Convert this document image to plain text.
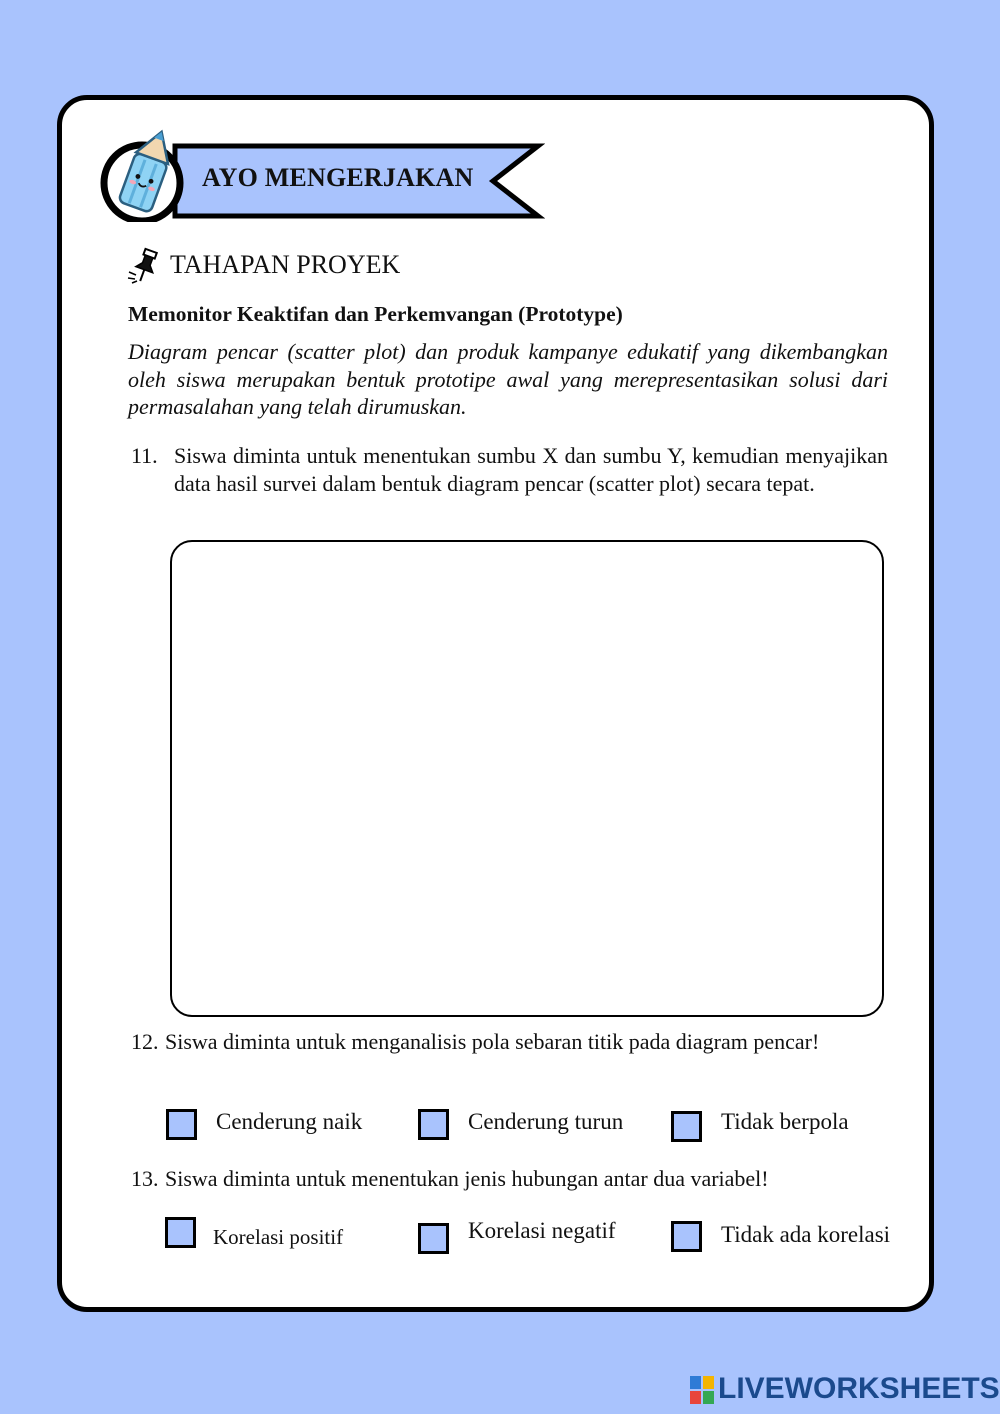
AYO MENGERJAKAN
TAHAPAN PROYEK
Memonitor Keaktifan dan Perkemvangan (Prototype)

Diagram pencar (scatter plot) dan produk kampanye edukatif yang dikembangkan oleh siswa merupakan bentuk prototipe awal yang merepresentasikan solusi dari permasalahan yang telah dirumuskan.

11. Siswa diminta untuk menentukan sumbu X dan sumbu Y, kemudian menyajikan data hasil survei dalam bentuk diagram pencar (scatter plot) secara tepat.
12. Siswa diminta untuk menganalisis pola sebaran titik pada diagram pencar!
Cenderung naik	Cenderung turun	Tidak berpola
13. Siswa diminta untuk menentukan jenis hubungan antar dua variabel!
Korelasi positif	Korelasi negatif	Tidak ada korelasi
LIVEWORKSHEETS
